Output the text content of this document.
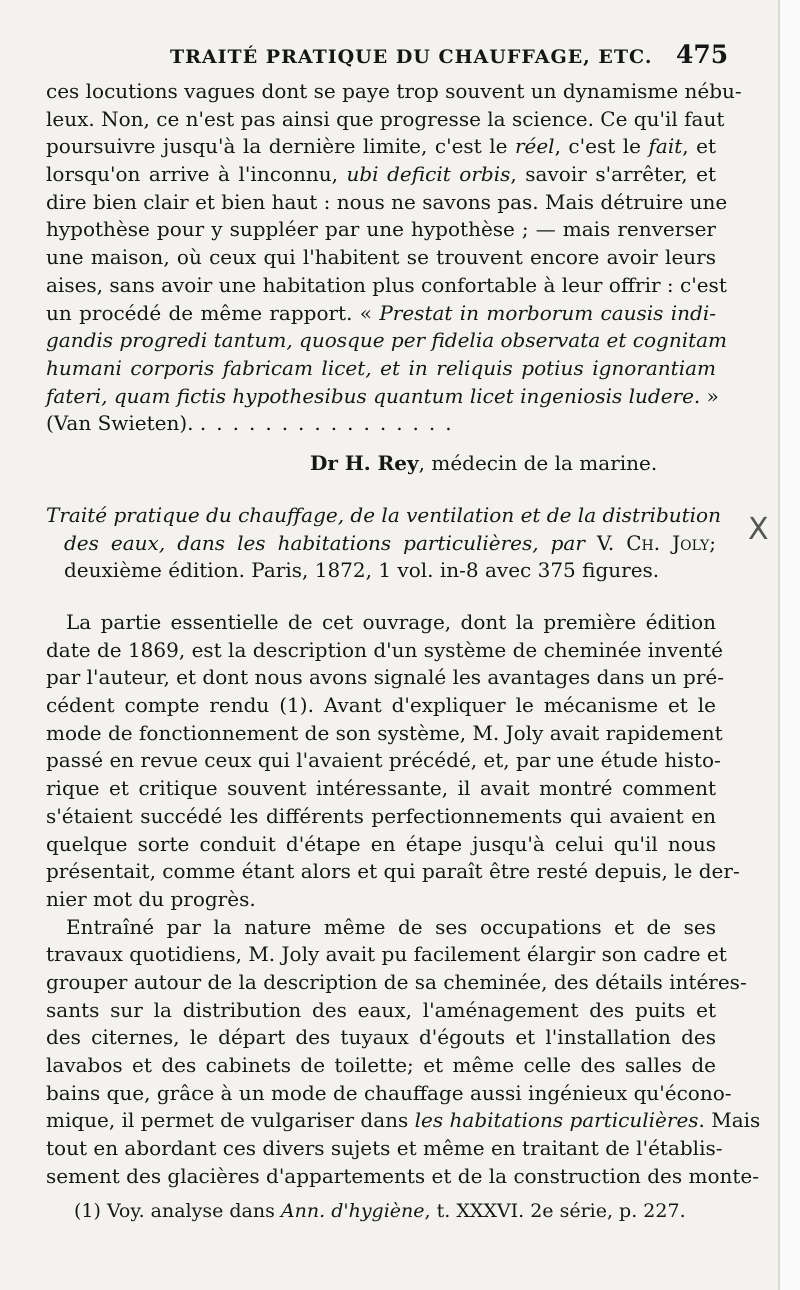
TRAITÉ PRATIQUE DU CHAUFFAGE, ETC. 475
ces locutions vagues dont se paye trop souvent un dynamisme nébu-
leux. Non, ce n'est pas ainsi que progresse la science. Ce qu'il faut
poursuivre jusqu'à la dernière limite, c'est le réel, c'est le fait, et
lorsqu'on arrive à l'inconnu, ubi deficit orbis, savoir s'arrêter, et
dire bien clair et bien haut : nous ne savons pas. Mais détruire une
hypothèse pour y suppléer par une hypothèse ; — mais renverser
une maison, où ceux qui l'habitent se trouvent encore avoir leurs
aises, sans avoir une habitation plus confortable à leur offrir : c'est
un procédé de même rapport. « Prestat in morborum causis indi-
gandis progredi tantum, quosque per fidelia observata et cognitam
humani corporis fabricam licet, et in reliquis potius ignorantiam
fateri, quam fictis hypothesibus quantum licet ingeniosis ludere. »
(Van Swieten). ................
Dr H. Rey, médecin de la marine.
Traité pratique du chauffage, de la ventilation et de la distribution
des eaux, dans les habitations particulières, par V. Ch. Joly;
deuxième édition. Paris, 1872, 1 vol. in-8 avec 375 figures.
La partie essentielle de cet ouvrage, dont la première édition
date de 1869, est la description d'un système de cheminée inventé
par l'auteur, et dont nous avons signalé les avantages dans un pré-
cédent compte rendu (1). Avant d'expliquer le mécanisme et le
mode de fonctionnement de son système, M. Joly avait rapidement
passé en revue ceux qui l'avaient précédé, et, par une étude histo-
rique et critique souvent intéressante, il avait montré comment
s'étaient succédé les différents perfectionnements qui avaient en
quelque sorte conduit d'étape en étape jusqu'à celui qu'il nous
présentait, comme étant alors et qui paraît être resté depuis, le der-
nier mot du progrès.
Entraîné par la nature même de ses occupations et de ses
travaux quotidiens, M. Joly avait pu facilement élargir son cadre et
grouper autour de la description de sa cheminée, des détails intéres-
sants sur la distribution des eaux, l'aménagement des puits et
des citernes, le départ des tuyaux d'égouts et l'installation des
lavabos et des cabinets de toilette; et même celle des salles de
bains que, grâce à un mode de chauffage aussi ingénieux qu'écono-
mique, il permet de vulgariser dans les habitations particulières. Mais
tout en abordant ces divers sujets et même en traitant de l'établis-
sement des glacières d'appartements et de la construction des monte-
(1) Voy. analyse dans Ann. d'hygiène, t. XXXVI. 2e série, p. 227.
X
